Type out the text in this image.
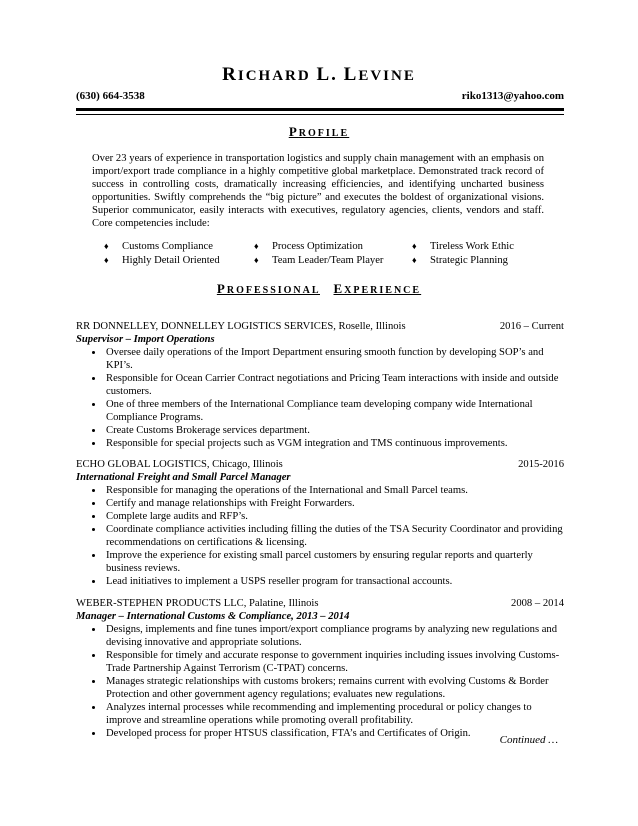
RICHARD L. LEVINE
(630) 664-3538	riko1313@yahoo.com
PROFILE
Over 23 years of experience in transportation logistics and supply chain management with an emphasis on import/export trade compliance in a highly competitive global marketplace. Demonstrated track record of success in controlling costs, dramatically increasing efficiencies, and identifying uncharted business opportunities. Swiftly comprehends the “big picture” and executes the boldest of organizational visions. Superior communicator, easily interacts with executives, regulatory agencies, clients, vendors and staff. Core competencies include:
♦	Customs Compliance	♦	Process Optimization	♦	Tireless Work Ethic
♦	Highly Detail Oriented	♦	Team Leader/Team Player	♦	Strategic Planning
PROFESSIONAL EXPERIENCE
RR DONNELLEY, DONNELLEY LOGISTICS SERVICES, Roselle, Illinois	2016 – Current
Supervisor – Import Operations
• Oversee daily operations of the Import Department ensuring smooth function by developing SOP’s and KPI’s.
• Responsible for Ocean Carrier Contract negotiations and Pricing Team interactions with inside and outside customers.
• One of three members of the International Compliance team developing company wide International Compliance Programs.
• Create Customs Brokerage services department.
• Responsible for special projects such as VGM integration and TMS continuous improvements.
ECHO GLOBAL LOGISTICS, Chicago, Illinois	2015-2016
International Freight and Small Parcel Manager
• Responsible for managing the operations of the International and Small Parcel teams.
• Certify and manage relationships with Freight Forwarders.
• Complete large audits and RFP’s.
• Coordinate compliance activities including filling the duties of the TSA Security Coordinator and providing recommendations on certifications & licensing.
• Improve the experience for existing small parcel customers by ensuring regular reports and quarterly business reviews.
• Lead initiatives to implement a USPS reseller program for transactional accounts.
WEBER-STEPHEN PRODUCTS LLC, Palatine, Illinois	2008 – 2014
Manager – International Customs & Compliance, 2013 – 2014
• Designs, implements and fine tunes import/export compliance programs by analyzing new regulations and devising innovative and appropriate solutions.
• Responsible for timely and accurate response to government inquiries including issues involving Customs-Trade Partnership Against Terrorism (C-TPAT) concerns.
• Manages strategic relationships with customs brokers; remains current with evolving Customs & Border Protection and other government agency regulations; evaluates new regulations.
• Analyzes internal processes while recommending and implementing procedural or policy changes to improve and streamline operations while promoting overall profitability.
• Developed process for proper HTSUS classification, FTA’s and Certificates of Origin.
Continued …
